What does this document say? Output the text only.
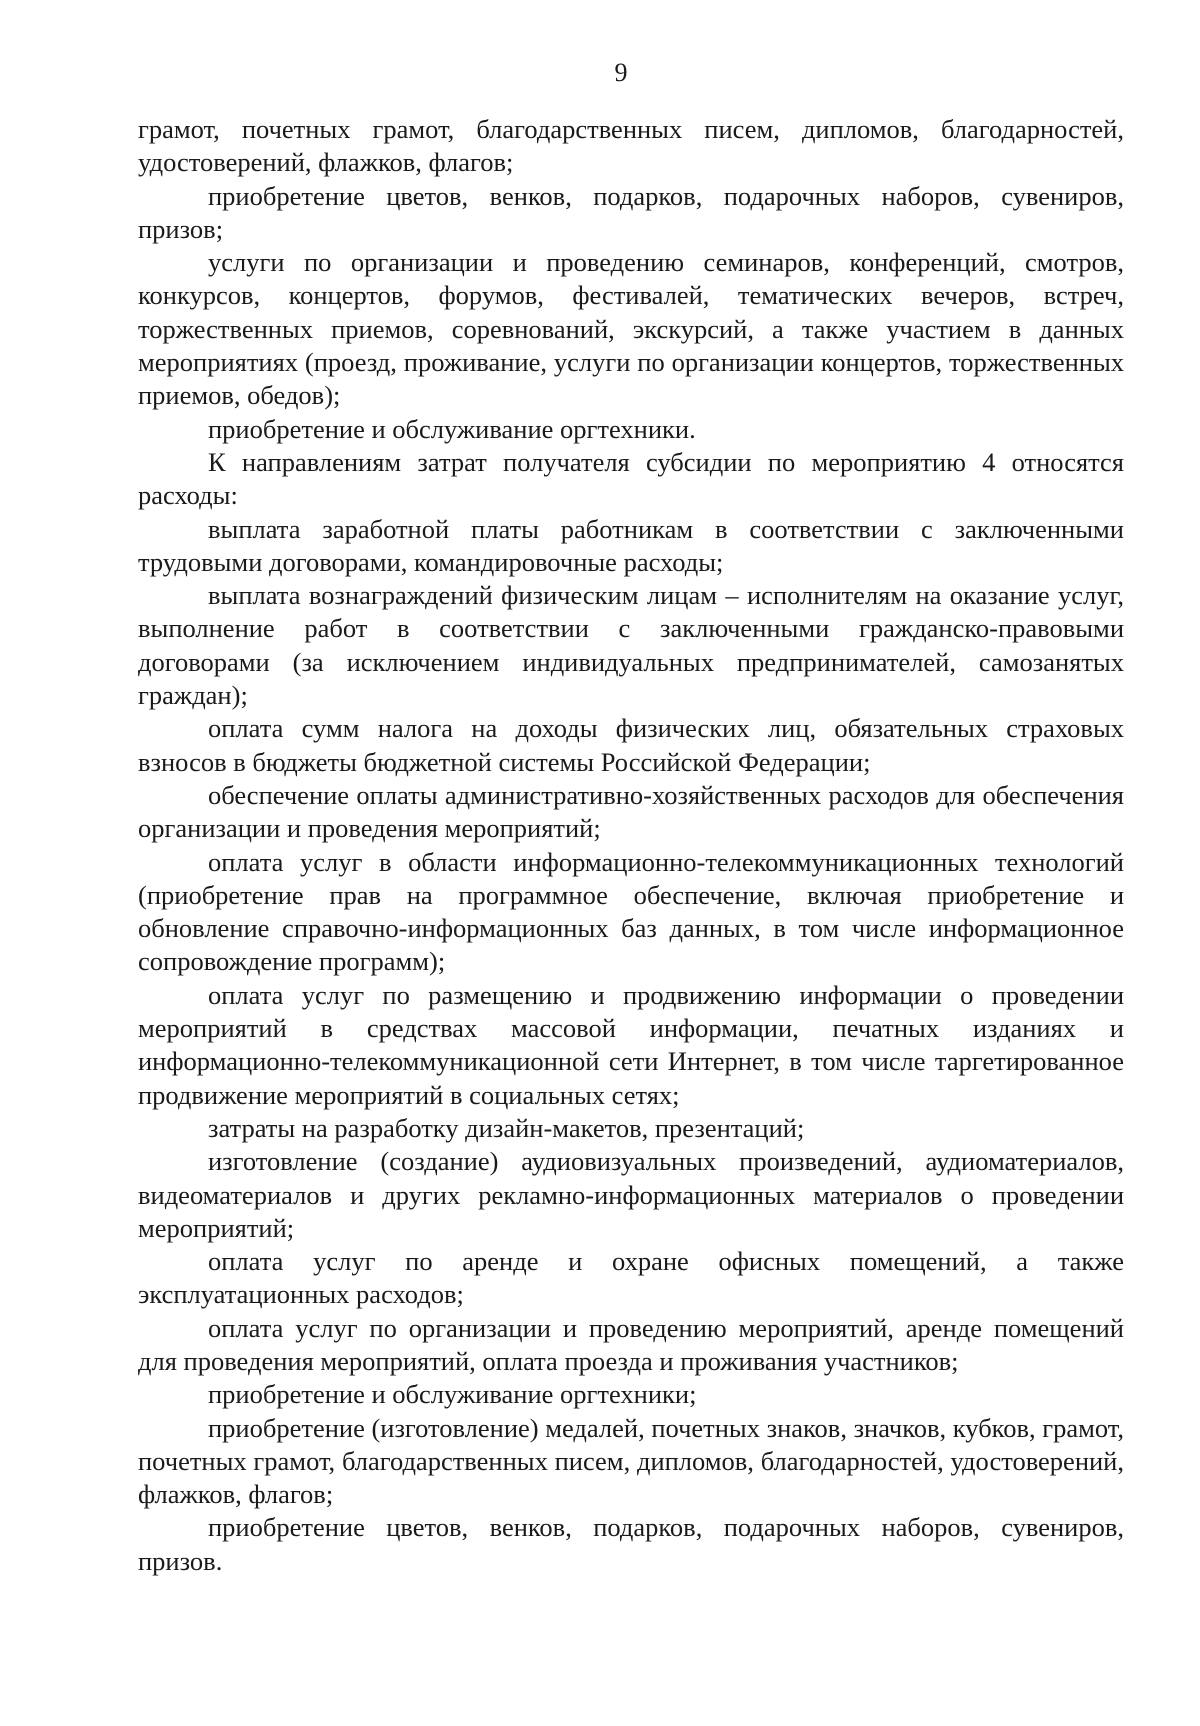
9

грамот, почетных грамот, благодарственных писем, дипломов, благодарностей, удостоверений, флажков, флагов;

приобретение цветов, венков, подарков, подарочных наборов, сувениров, призов;

услуги по организации и проведению семинаров, конференций, смотров, конкурсов, концертов, форумов, фестивалей, тематических вечеров, встреч, торжественных приемов, соревнований, экскурсий, а также участием в данных мероприятиях (проезд, проживание, услуги по организации концертов, торжественных приемов, обедов);

приобретение и обслуживание оргтехники.

К направлениям затрат получателя субсидии по мероприятию 4 относятся расходы:

выплата заработной платы работникам в соответствии с заключенными трудовыми договорами, командировочные расходы;

выплата вознаграждений физическим лицам – исполнителям на оказание услуг, выполнение работ в соответствии с заключенными гражданско-правовыми договорами (за исключением индивидуальных предпринимателей, самозанятых граждан);

оплата сумм налога на доходы физических лиц, обязательных страховых взносов в бюджеты бюджетной системы Российской Федерации;

обеспечение оплаты административно-хозяйственных расходов для обеспечения организации и проведения мероприятий;

оплата услуг в области информационно-телекоммуникационных технологий (приобретение прав на программное обеспечение, включая приобретение и обновление справочно-информационных баз данных, в том числе информационное сопровождение программ);

оплата услуг по размещению и продвижению информации о проведении мероприятий в средствах массовой информации, печатных изданиях и информационно-телекоммуникационной сети Интернет, в том числе таргетированное продвижение мероприятий в социальных сетях;

затраты на разработку дизайн-макетов, презентаций;

изготовление (создание) аудиовизуальных произведений, аудиоматериалов, видеоматериалов и других рекламно-информационных материалов о проведении мероприятий;

оплата услуг по аренде и охране офисных помещений, а также эксплуатационных расходов;

оплата услуг по организации и проведению мероприятий, аренде помещений для проведения мероприятий, оплата проезда и проживания участников;

приобретение и обслуживание оргтехники;

приобретение (изготовление) медалей, почетных знаков, значков, кубков, грамот, почетных грамот, благодарственных писем, дипломов, благодарностей, удостоверений, флажков, флагов;

приобретение цветов, венков, подарков, подарочных наборов, сувениров, призов.
